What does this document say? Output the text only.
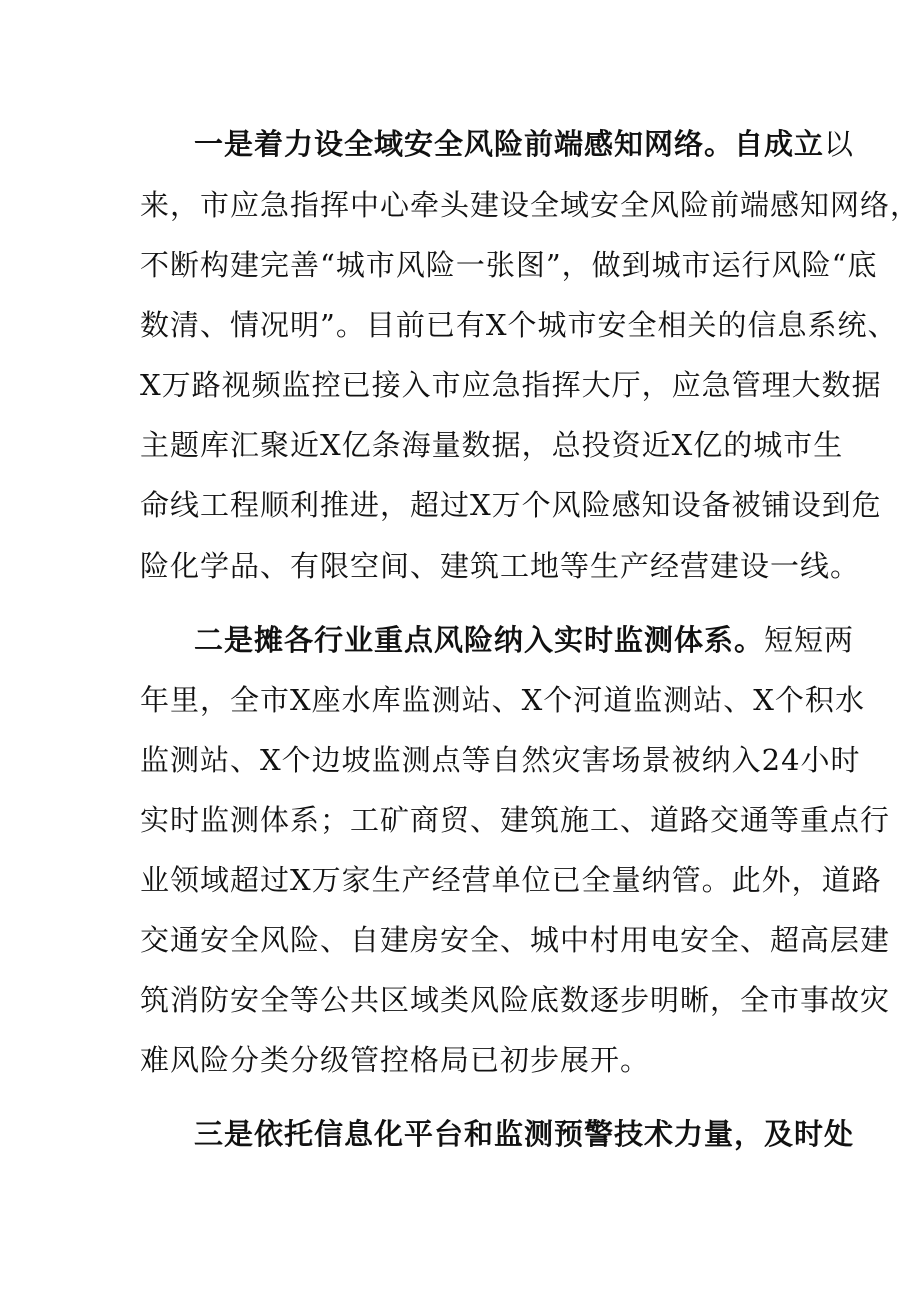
一是着力设全域安全风险前端感知网络。自成立以
来，市应急指挥中心牵头建设全域安全风险前端感知网络，
不断构建完善“城市风险一张图”，做到城市运行风险“底
数清、情况明”。目前已有X个城市安全相关的信息系统、
X万路视频监控已接入市应急指挥大厅，应急管理大数据
主题库汇聚近X亿条海量数据，总投资近X亿的城市生
命线工程顺利推进，超过X万个风险感知设备被铺设到危
险化学品、有限空间、建筑工地等生产经营建设一线。
二是摊各行业重点风险纳入实时监测体系。短短两
年里，全市X座水库监测站、X个河道监测站、X个积水
监测站、X个边坡监测点等自然灾害场景被纳入24小时
实时监测体系；工矿商贸、建筑施工、道路交通等重点行
业领域超过X万家生产经营单位已全量纳管。此外，道路
交通安全风险、自建房安全、城中村用电安全、超高层建
筑消防安全等公共区域类风险底数逐步明晰，全市事故灾
难风险分类分级管控格局已初步展开。
三是依托信息化平台和监测预警技术力量，及时处
